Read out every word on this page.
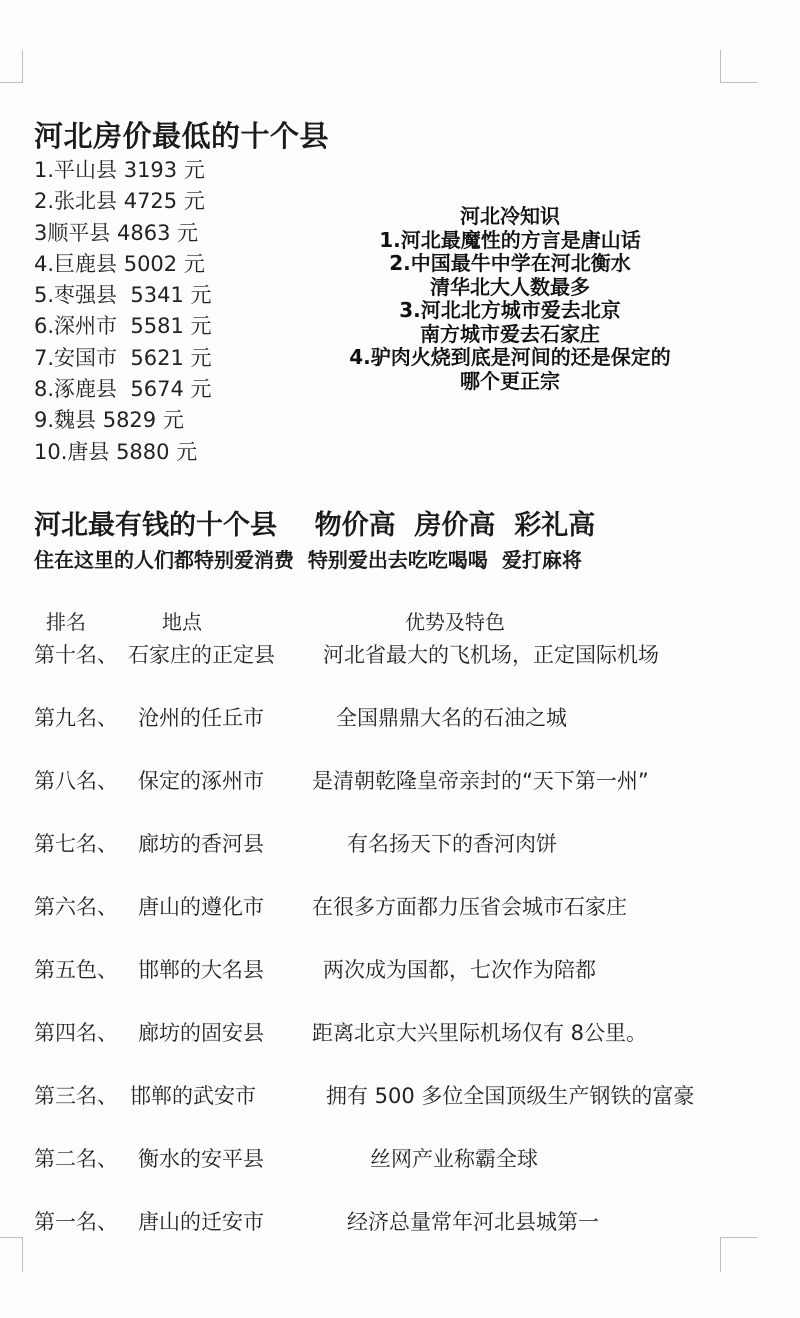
河北房价最低的十个县
1.平山县 3193 元
2.张北县 4725 元
3顺平县 4863 元
4.巨鹿县 5002 元
5.枣强县  5341 元
6.深州市  5581 元
7.安国市  5621 元
8.涿鹿县  5674 元
9.魏县 5829 元
10.唐县 5880 元
河北冷知识
1.河北最魔性的方言是唐山话
2.中国最牛中学在河北衡水
清华北大人数最多
3.河北北方城市爱去北京
南方城市爱去石家庄
4.驴肉火烧到底是河间的还是保定的
哪个更正宗
河北最有钱的十个县    物价高  房价高  彩礼高
住在这里的人们都特别爱消费  特别爱出去吃吃喝喝  爱打麻将
排名	地点	优势及特色
第十名、 石家庄的正定县 河北省最大的飞机场，正定国际机场
第九名、 沧州的任丘市	全国鼎鼎大名的石油之城
第八名、 保定的涿州市 是清朝乾隆皇帝亲封的“天下第一州”
第七名、 廊坊的香河县	有名扬天下的香河肉饼
第六名、 唐山的遵化市 在很多方面都力压省会城市石家庄
第五色、 邯郸的大名县	两次成为国都，七次作为陪都
第四名、 廊坊的固安县 距离北京大兴里际机场仅有 8公里。
第三名、 邯郸的武安市	拥有 500 多位全国顶级生产钢铁的富豪
第二名、 衡水的安平县	丝网产业称霸全球
第一名、 唐山的迁安市	经济总量常年河北县城第一
